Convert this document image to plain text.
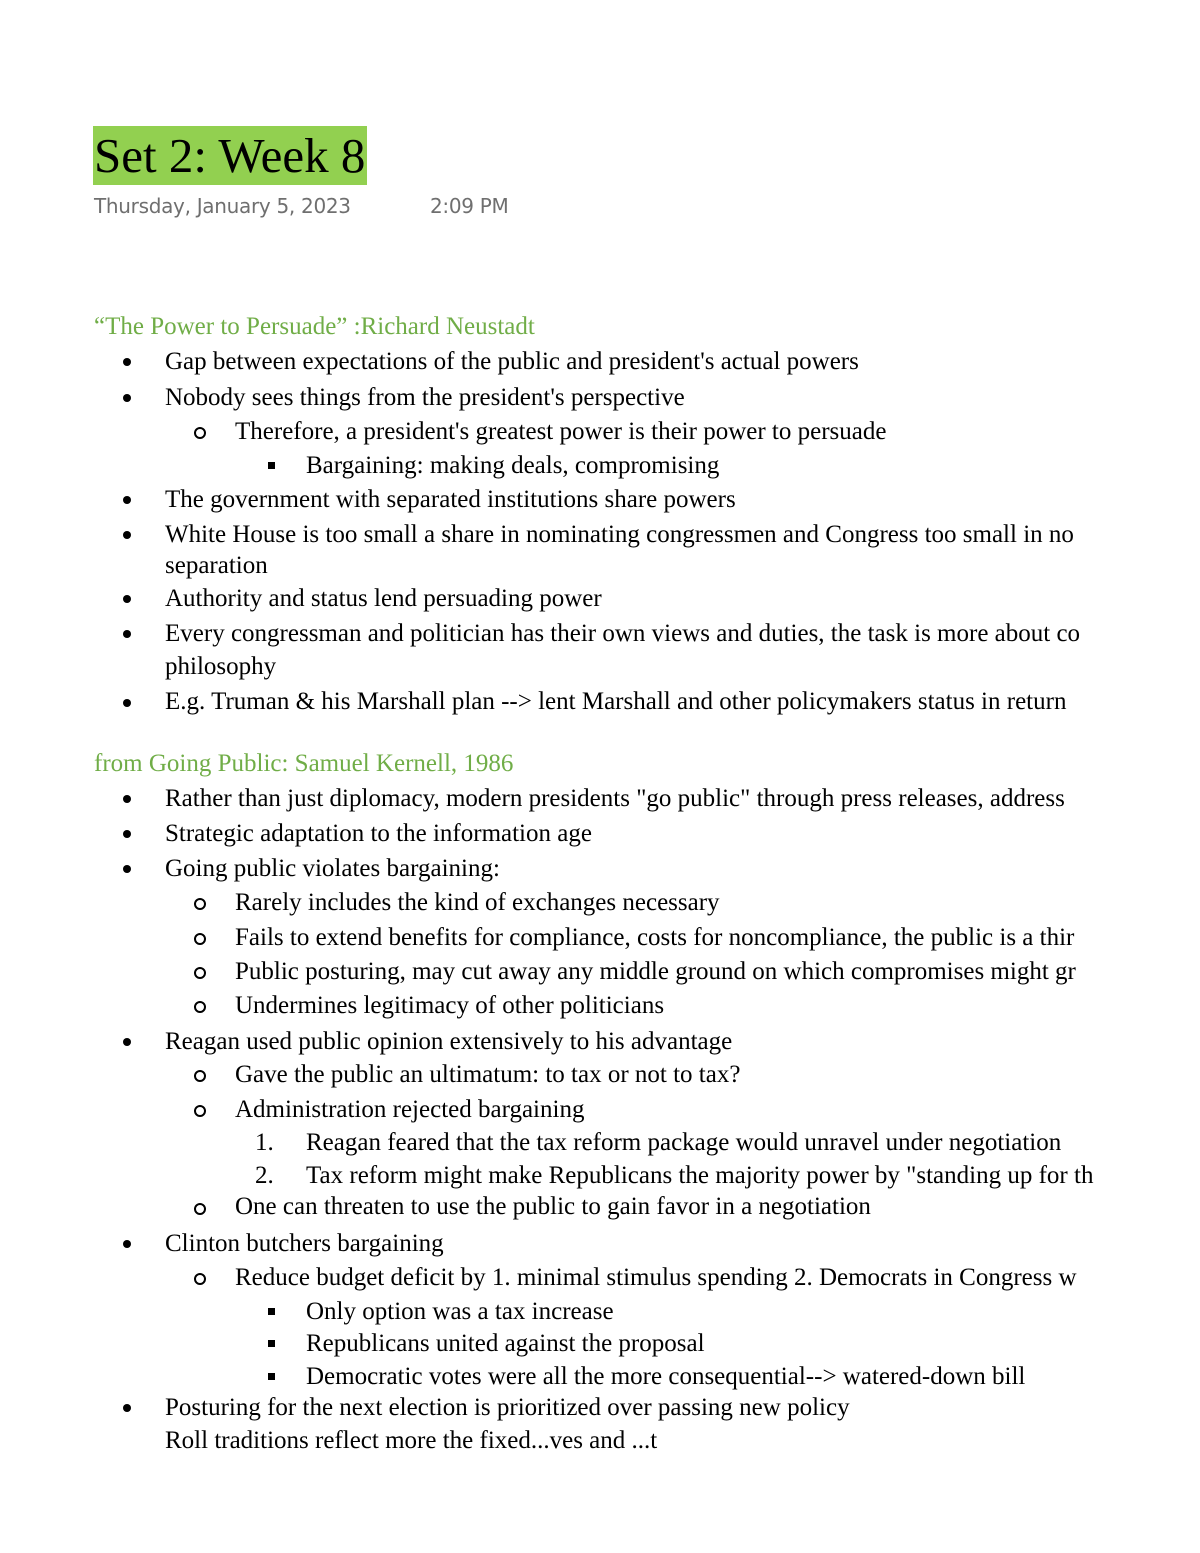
Set 2: Week 8
Thursday, January 5, 2023	2:09 PM
“The Power to Persuade” :Richard Neustadt
Gap between expectations of the public and president's actual powers
Nobody sees things from the president's perspective
Therefore, a president's greatest power is their power to persuade
Bargaining: making deals, compromising
The government with separated institutions share powers
White House is too small a share in nominating congressmen and Congress too small in no
separation
Authority and status lend persuading power
Every congressman and politician has their own views and duties, the task is more about co
philosophy
E.g. Truman & his Marshall plan --> lent Marshall and other policymakers status in return
from Going Public: Samuel Kernell, 1986
Rather than just diplomacy, modern presidents "go public" through press releases, address
Strategic adaptation to the information age
Going public violates bargaining:
Rarely includes the kind of exchanges necessary
Fails to extend benefits for compliance, costs for noncompliance, the public is a thir
Public posturing, may cut away any middle ground on which compromises might gr
Undermines legitimacy of other politicians
Reagan used public opinion extensively to his advantage
Gave the public an ultimatum: to tax or not to tax?
Administration rejected bargaining
1. Reagan feared that the tax reform package would unravel under negotiation
2. Tax reform might make Republicans the majority power by "standing up for th
One can threaten to use the public to gain favor in a negotiation
Clinton butchers bargaining
Reduce budget deficit by 1. minimal stimulus spending 2. Democrats in Congress w
Only option was a tax increase
Republicans united against the proposal
Democratic votes were all the more consequential--> watered-down bill
Posturing for the next election is prioritized over passing new policy
Roll traditions reflect more the fixed...ves and ...t
